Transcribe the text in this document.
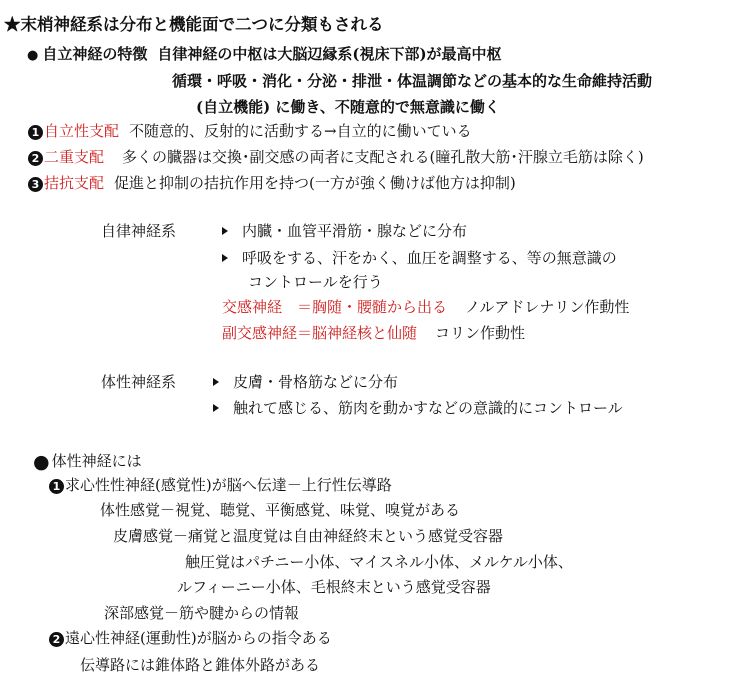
★末梢神経系は分布と機能面で二つに分類もされる
● 自立神経の特徴 自律神経の中枢は大脳辺縁系(視床下部)が最高中枢
循環・呼吸・消化・分泌・排泄・体温調節などの基本的な生命維持活動
(自立機能) に働き、不随意的で無意識に働く
1 自立性支配 不随意的、反射的に活動する→自立的に働いている
2 二重支配 多くの臓器は交換･副交感の両者に支配される(瞳孔散大筋･汗腺立毛筋は除く)
3 拮抗支配 促進と抑制の拮抗作用を持つ(一方が強く働けば他方は抑制)
自律神経系	内臓・血管平滑筋・腺などに分布
呼吸をする、汗をかく、血圧を調整する、等の無意識の
コントロールを行う
交感神経　＝胸随・腰髄から出る ノルアドレナリン作動性
副交感神経＝脳神経核と仙随 コリン作動性
体性神経系	皮膚・骨格筋などに分布
触れて感じる、筋肉を動かすなどの意識的にコントロール
● 体性神経には
1 求心性性神経(感覚性)が脳へ伝達－上行性伝導路
体性感覚－視覚、聴覚、平衡感覚、味覚、嗅覚がある
皮膚感覚－痛覚と温度覚は自由神経終末という感覚受容器
触圧覚はパチニー小体、マイスネル小体、メルケル小体、
ルフィーニー小体、毛根終末という感覚受容器
深部感覚－筋や腱からの情報
2 遠心性神経(運動性)が脳からの指令ある
伝導路には錐体路と錐体外路がある
